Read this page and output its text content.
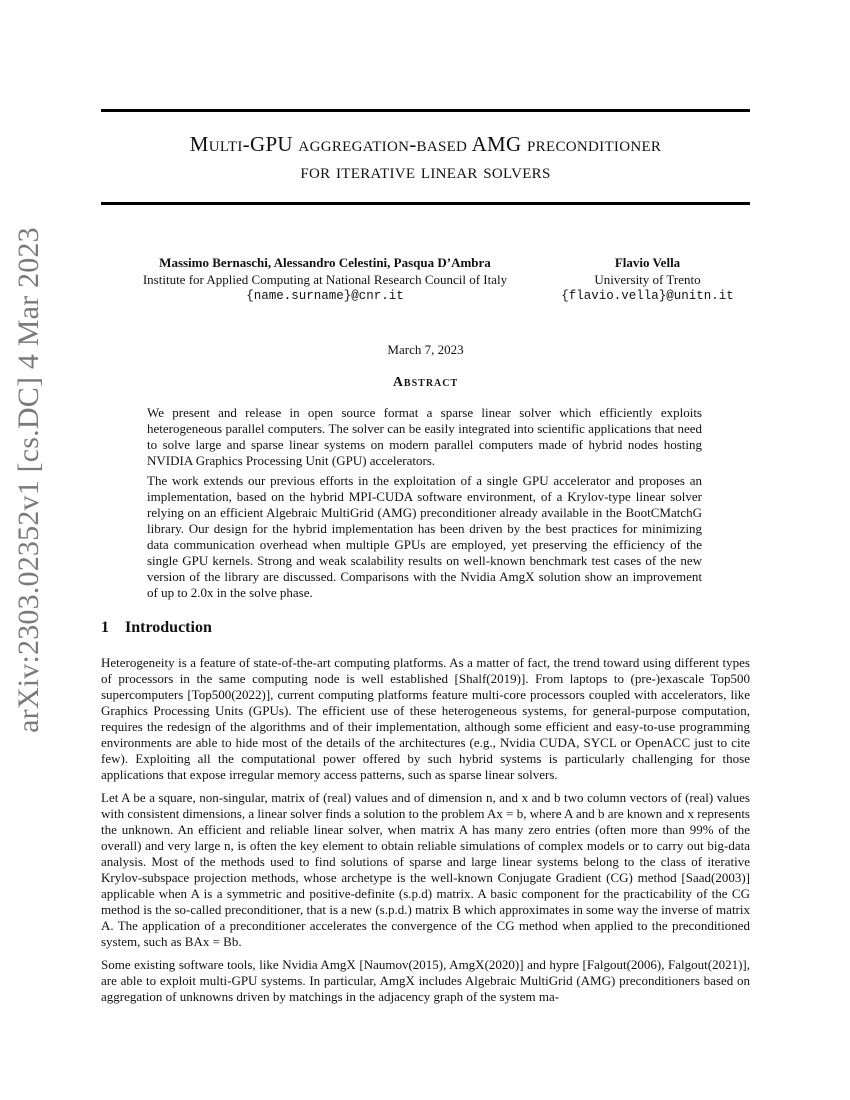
arXiv:2303.02352v1 [cs.DC] 4 Mar 2023
Multi-GPU aggregation-based AMG preconditioner
for iterative linear solvers
Massimo Bernaschi, Alessandro Celestini, Pasqua D’Ambra
Institute for Applied Computing at National Research Council of Italy
{name.surname}@cnr.it
Flavio Vella
University of Trento
{flavio.vella}@unitn.it
March 7, 2023
Abstract

We present and release in open source format a sparse linear solver which efficiently exploits heterogeneous parallel computers. The solver can be easily integrated into scientific applications that need to solve large and sparse linear systems on modern parallel computers made of hybrid nodes hosting NVIDIA Graphics Processing Unit (GPU) accelerators.

The work extends our previous efforts in the exploitation of a single GPU accelerator and proposes an implementation, based on the hybrid MPI-CUDA software environment, of a Krylov-type linear solver relying on an efficient Algebraic MultiGrid (AMG) preconditioner already available in the BootCMatchG library. Our design for the hybrid implementation has been driven by the best practices for minimizing data communication overhead when multiple GPUs are employed, yet preserving the efficiency of the single GPU kernels. Strong and weak scalability results on well-known benchmark test cases of the new version of the library are discussed. Comparisons with the Nvidia AmgX solution show an improvement of up to 2.0x in the solve phase.

1 Introduction

Heterogeneity is a feature of state-of-the-art computing platforms. As a matter of fact, the trend toward using different types of processors in the same computing node is well established [Shalf(2019)]. From laptops to (pre-)exascale Top500 supercomputers [Top500(2022)], current computing platforms feature multi-core processors coupled with accelerators, like Graphics Processing Units (GPUs). The efficient use of these heterogeneous systems, for general-purpose computation, requires the redesign of the algorithms and of their implementation, although some efficient and easy-to-use programming environments are able to hide most of the details of the architectures (e.g., Nvidia CUDA, SYCL or OpenACC just to cite few). Exploiting all the computational power offered by such hybrid systems is particularly challenging for those applications that expose irregular memory access patterns, such as sparse linear solvers.

Let A be a square, non-singular, matrix of (real) values and of dimension n, and x and b two column vectors of (real) values with consistent dimensions, a linear solver finds a solution to the problem Ax = b, where A and b are known and x represents the unknown. An efficient and reliable linear solver, when matrix A has many zero entries (often more than 99% of the overall) and very large n, is often the key element to obtain reliable simulations of complex models or to carry out big-data analysis. Most of the methods used to find solutions of sparse and large linear systems belong to the class of iterative Krylov-subspace projection methods, whose archetype is the well-known Conjugate Gradient (CG) method [Saad(2003)] applicable when A is a symmetric and positive-definite (s.p.d) matrix. A basic component for the practicability of the CG method is the so-called preconditioner, that is a new (s.p.d.) matrix B which approximates in some way the inverse of matrix A. The application of a preconditioner accelerates the convergence of the CG method when applied to the preconditioned system, such as BAx = Bb.

Some existing software tools, like Nvidia AmgX [Naumov(2015), AmgX(2020)] and hypre [Falgout(2006), Falgout(2021)], are able to exploit multi-GPU systems. In particular, AmgX includes Algebraic MultiGrid (AMG) preconditioners based on aggregation of unknowns driven by matchings in the adjacency graph of the system ma-
